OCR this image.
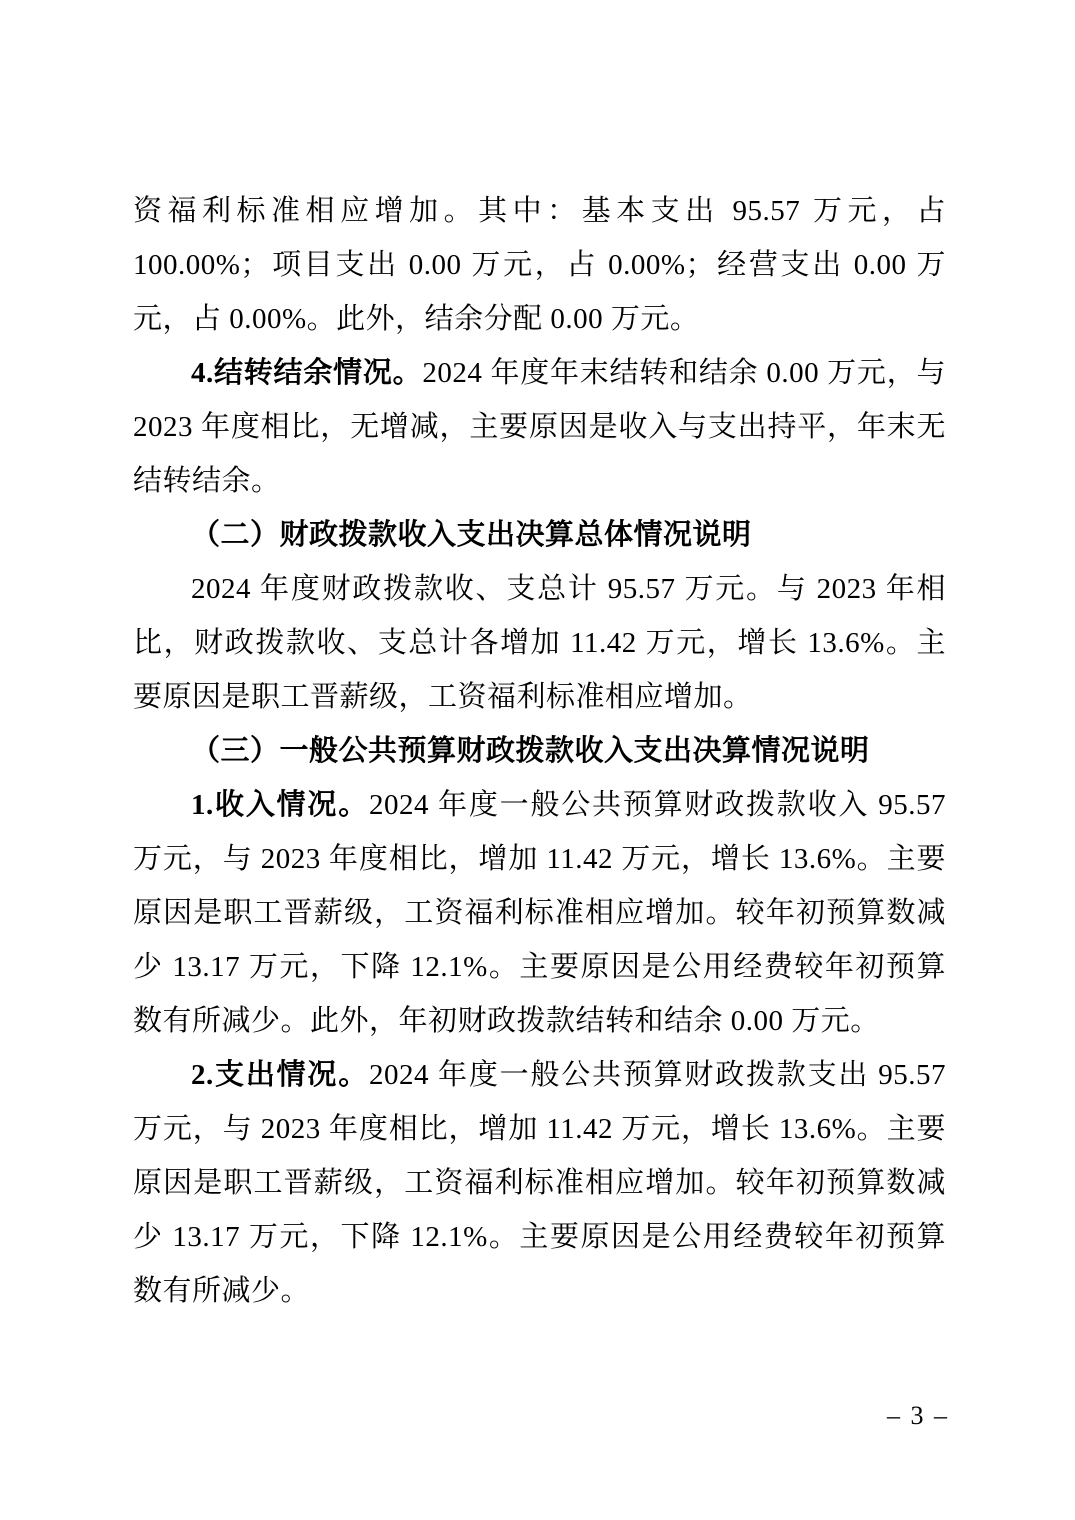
资福利标准相应增加。其中：基本支出 95.57 万元，占 100.00%；项目支出 0.00 万元，占 0.00%；经营支出 0.00 万元，占 0.00%。此外，结余分配 0.00 万元。

4.结转结余情况。2024 年度年末结转和结余 0.00 万元，与 2023 年度相比，无增减，主要原因是收入与支出持平，年末无结转结余。

（二）财政拨款收入支出决算总体情况说明

2024 年度财政拨款收、支总计 95.57 万元。与 2023 年相比，财政拨款收、支总计各增加 11.42 万元，增长 13.6%。主要原因是职工晋薪级，工资福利标准相应增加。

（三）一般公共预算财政拨款收入支出决算情况说明

1.收入情况。2024 年度一般公共预算财政拨款收入 95.57 万元，与 2023 年度相比，增加 11.42 万元，增长 13.6%。主要原因是职工晋薪级，工资福利标准相应增加。较年初预算数减少 13.17 万元，下降 12.1%。主要原因是公用经费较年初预算数有所减少。此外，年初财政拨款结转和结余 0.00 万元。

2.支出情况。2024 年度一般公共预算财政拨款支出 95.57 万元，与 2023 年度相比，增加 11.42 万元，增长 13.6%。主要原因是职工晋薪级，工资福利标准相应增加。较年初预算数减少 13.17 万元，下降 12.1%。主要原因是公用经费较年初预算数有所减少。

– 3 –
